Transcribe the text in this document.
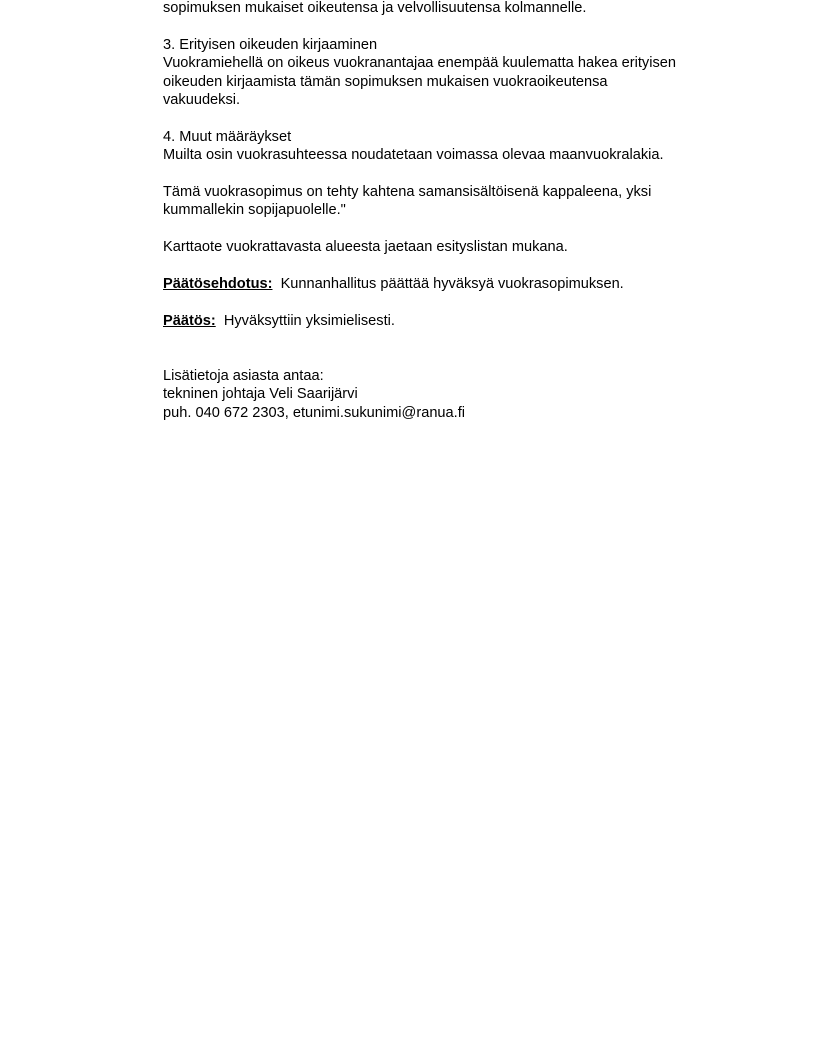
sopimuksen mukaiset oikeutensa ja velvollisuutensa kolmannelle.
3. Erityisen oikeuden kirjaaminen
Vuokramiehellä on oikeus vuokranantajaa enempää kuulematta hakea erityisen
oikeuden kirjaamista tämän sopimuksen mukaisen vuokraoikeutensa
vakuudeksi.
4. Muut määräykset
Muilta osin vuokrasuhteessa noudatetaan voimassa olevaa maanvuokralakia.
Tämä vuokrasopimus on tehty kahtena samansisältöisenä kappaleena, yksi
kummallekin sopijapuolelle."
Karttaote vuokrattavasta alueesta jaetaan esityslistan mukana.
Päätösehdotus: Kunnanhallitus päättää hyväksyä vuokrasopimuksen.
Päätös: Hyväksyttiin yksimielisesti.
Lisätietoja asiasta antaa:
tekninen johtaja Veli Saarijärvi
puh. 040 672 2303, etunimi.sukunimi@ranua.fi
